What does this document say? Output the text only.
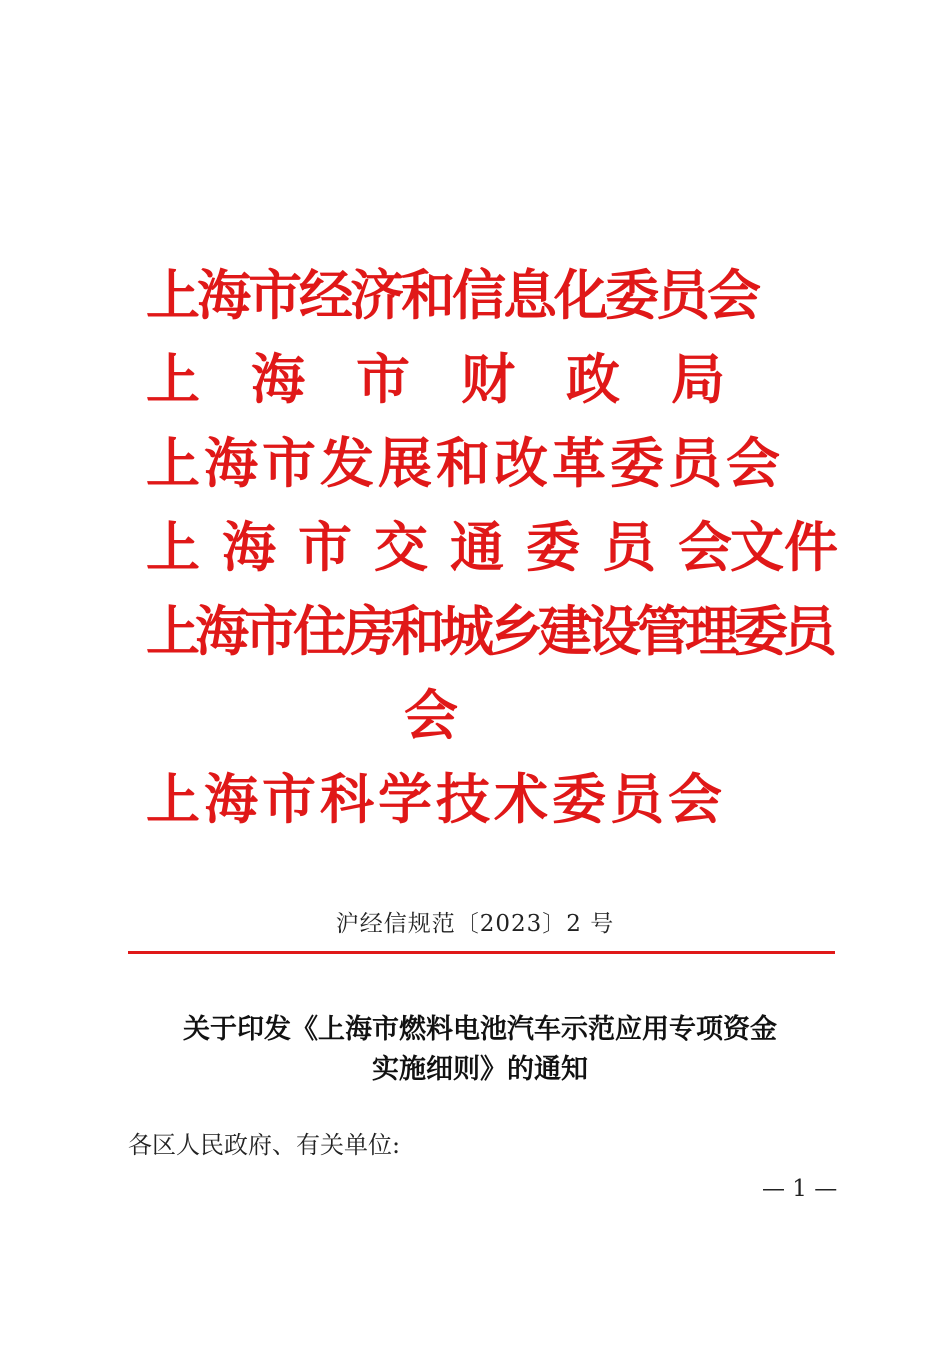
上海市经济和信息化委员会
上海市财政局
上海市发展和改革委员会
上海市交通委员会
文件
上海市住房和城乡建设管理委员
会
上海市科学技术委员会
沪经信规范〔2023〕2 号
关于印发《上海市燃料电池汽车示范应用专项资金
实施细则》的通知
各区人民政府、有关单位:
— 1 —
